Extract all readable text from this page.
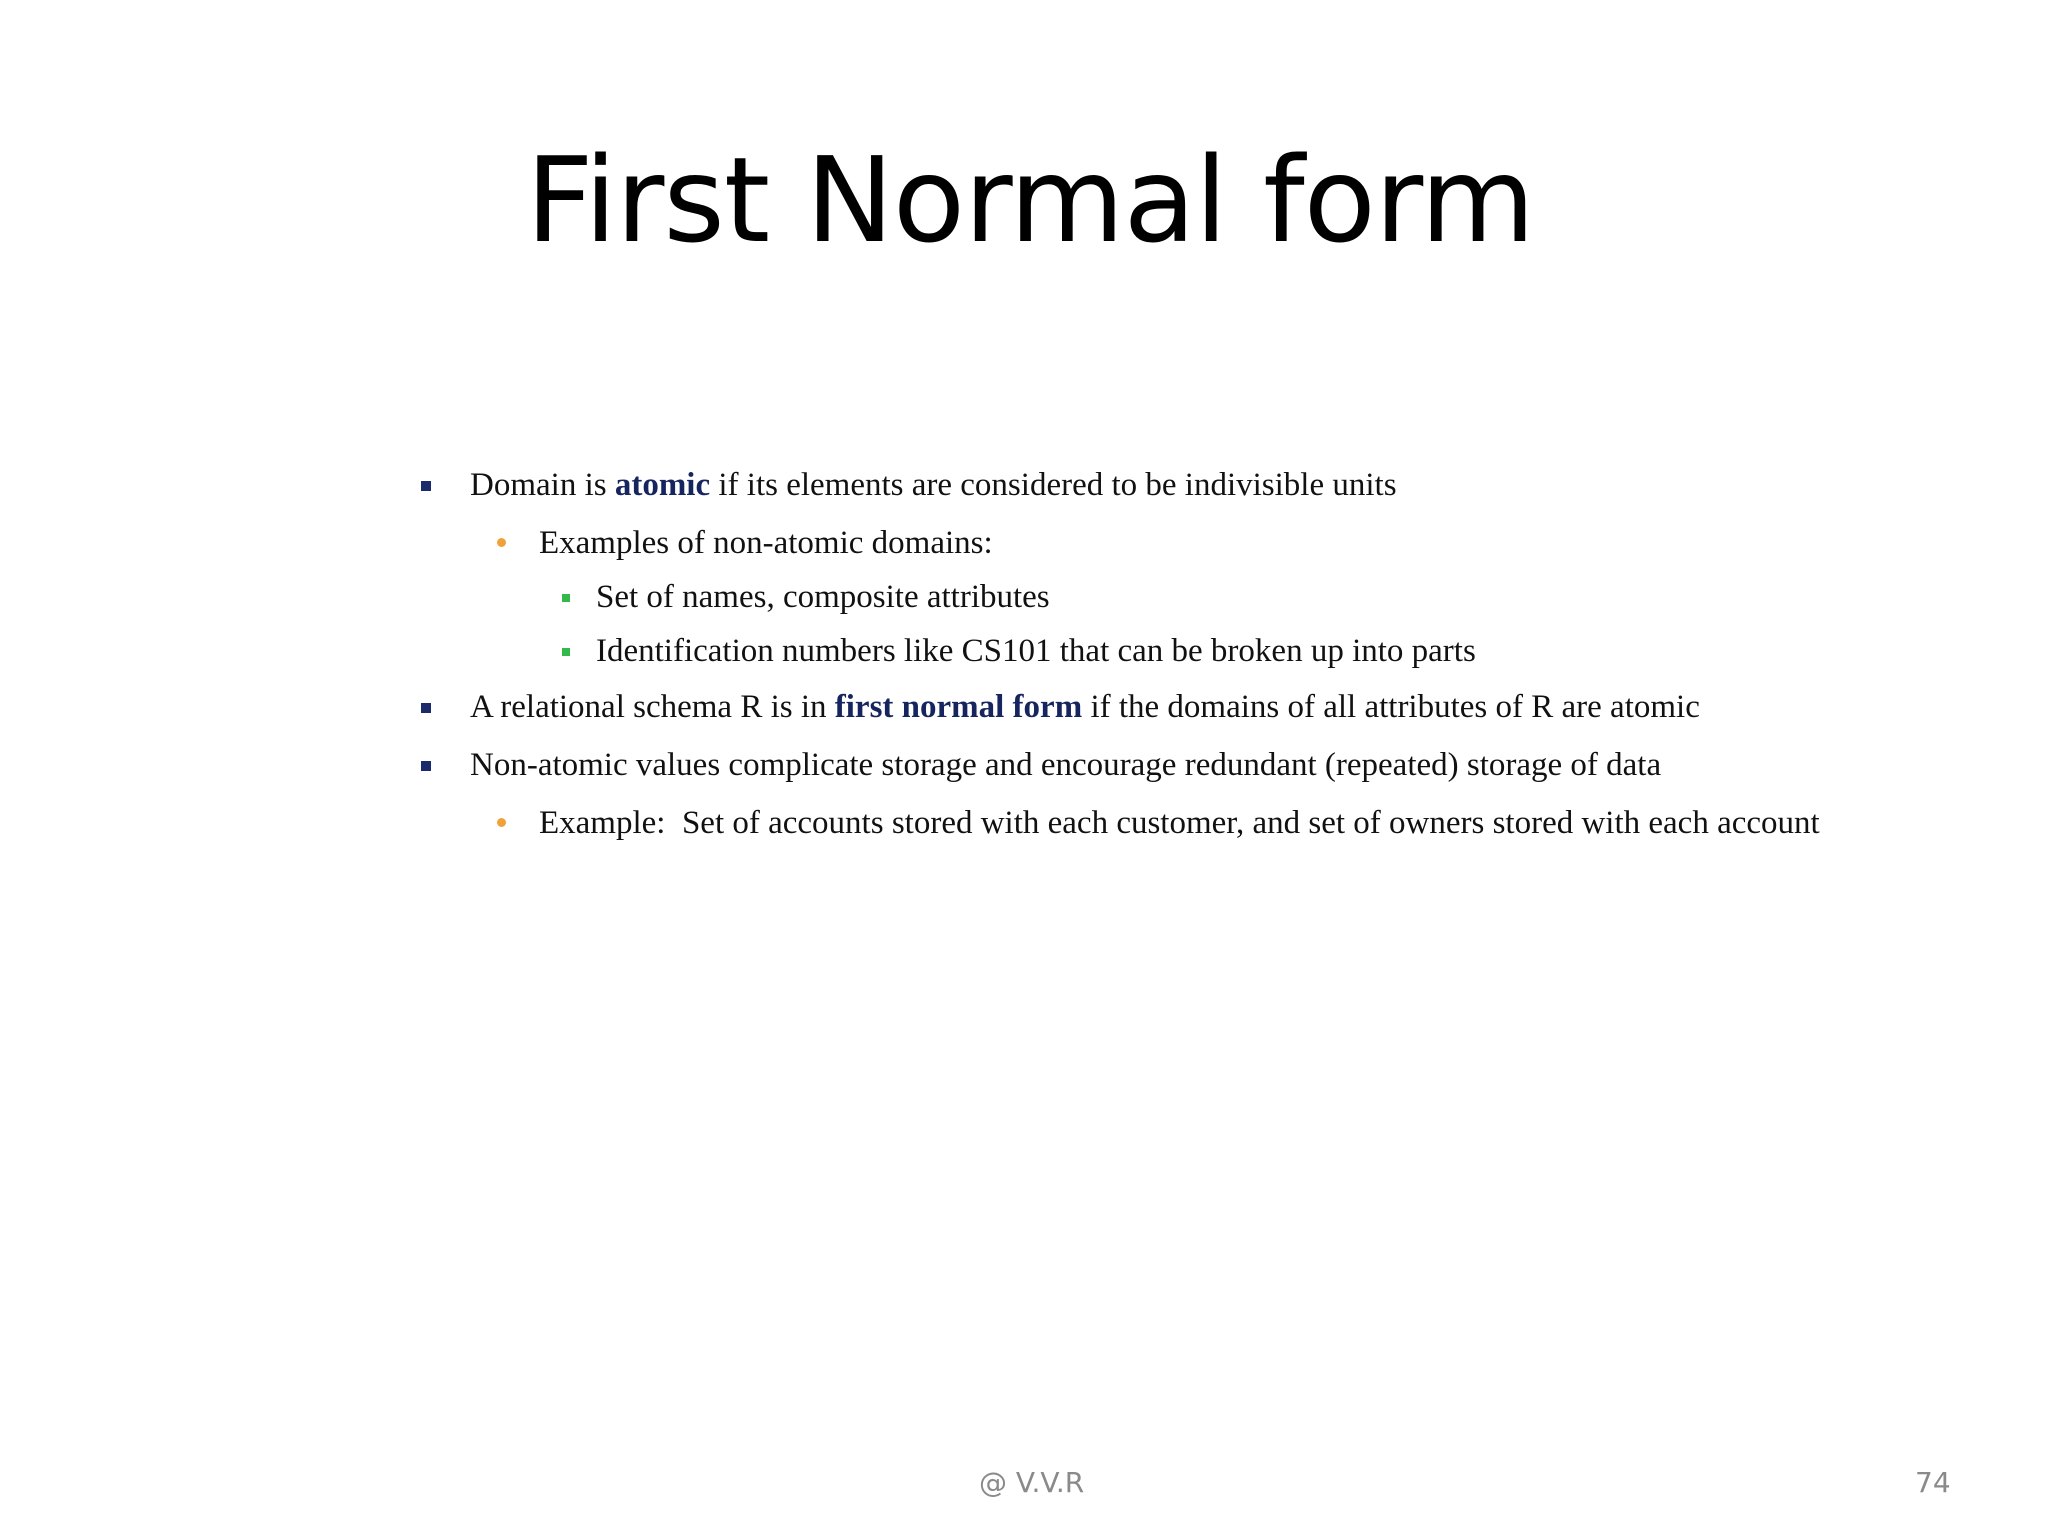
First Normal form
Domain is atomic if its elements are considered to be indivisible units
Examples of non-atomic domains:
Set of names, composite attributes
Identification numbers like CS101 that can be broken up into parts
A relational schema R is in first normal form if the domains of all attributes of R are atomic
Non-atomic values complicate storage and encourage redundant (repeated) storage of data
Example:  Set of accounts stored with each customer, and set of owners stored with each account
@ V.V.R	74
